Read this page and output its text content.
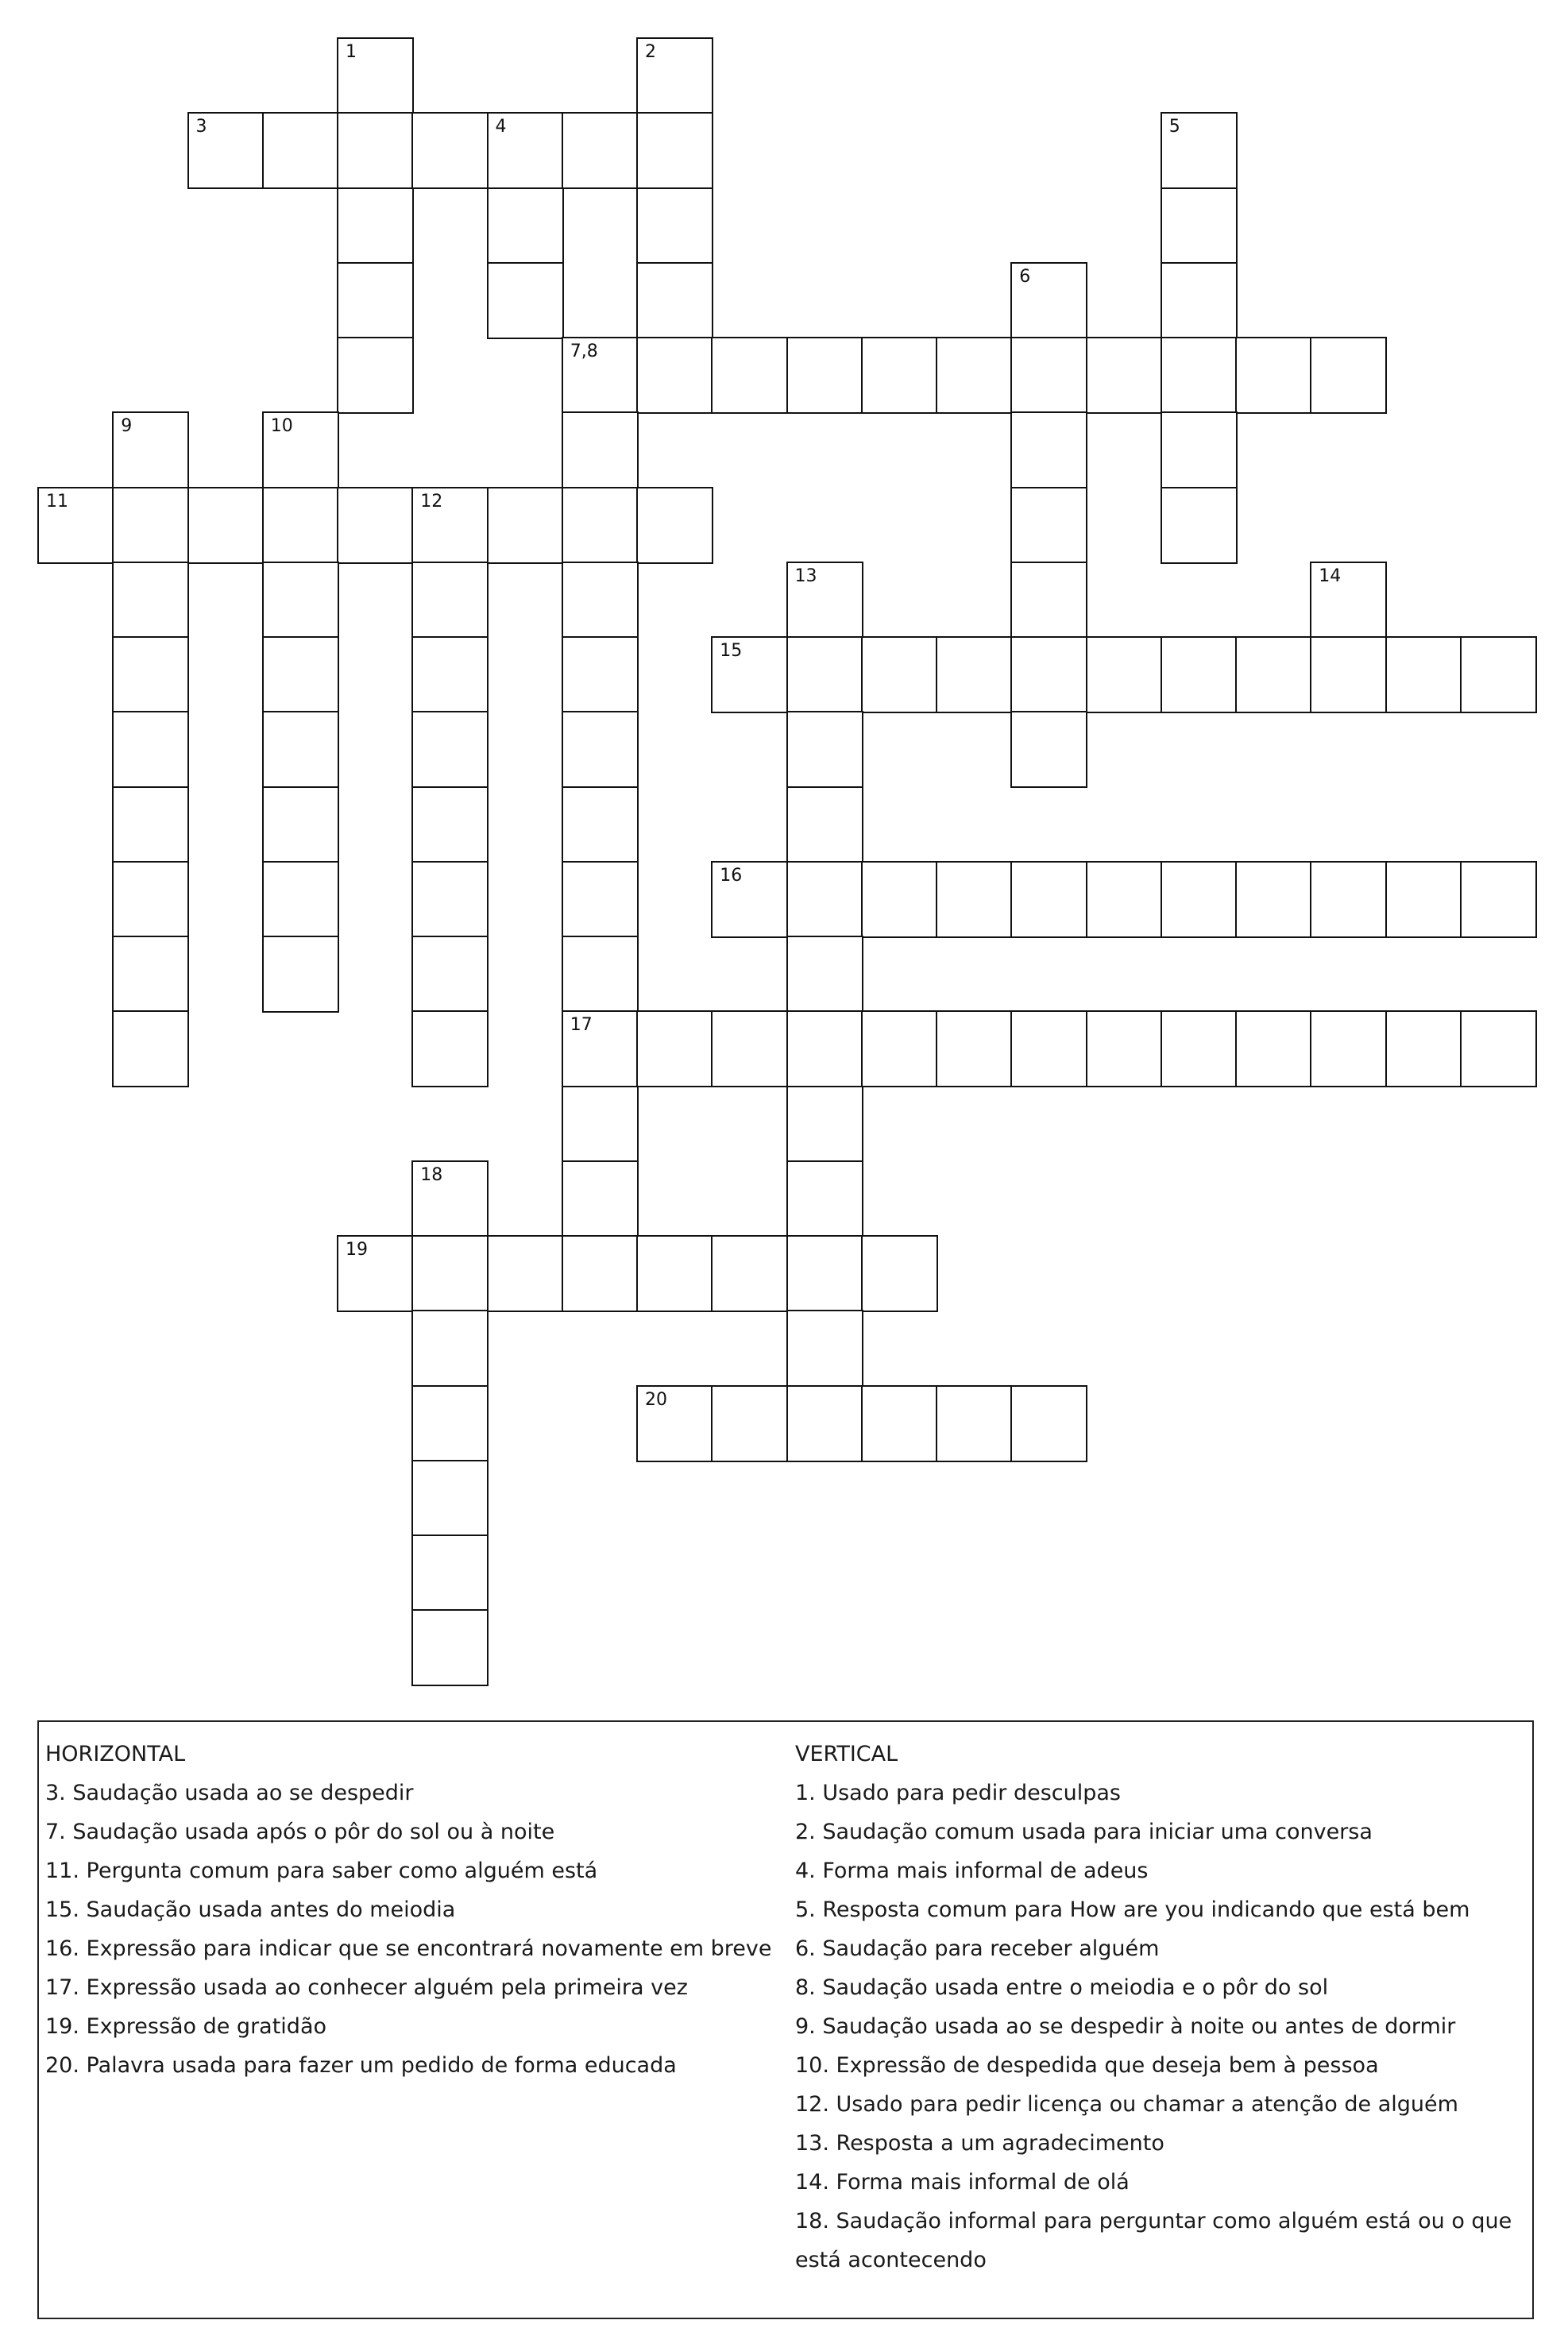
1	2
3	4	5
6
7,8
9	10
11	12
13	14
15
16
17
18
19
20

HORIZONTAL

3. Saudação usada ao se despedir

7. Saudação usada após o pôr do sol ou à noite

11. Pergunta comum para saber como alguém está

15. Saudação usada antes do meiodia

16. Expressão para indicar que se encontrará novamente em breve

17. Expressão usada ao conhecer alguém pela primeira vez

19. Expressão de gratidão

20. Palavra usada para fazer um pedido de forma educada

VERTICAL

1. Usado para pedir desculpas

2. Saudação comum usada para iniciar uma conversa

4. Forma mais informal de adeus

5. Resposta comum para How are you indicando que está bem

6. Saudação para receber alguém

8. Saudação usada entre o meiodia e o pôr do sol

9. Saudação usada ao se despedir à noite ou antes de dormir

10. Expressão de despedida que deseja bem à pessoa

12. Usado para pedir licença ou chamar a atenção de alguém

13. Resposta a um agradecimento

14. Forma mais informal de olá

18. Saudação informal para perguntar como alguém está ou o que

está acontecendo
